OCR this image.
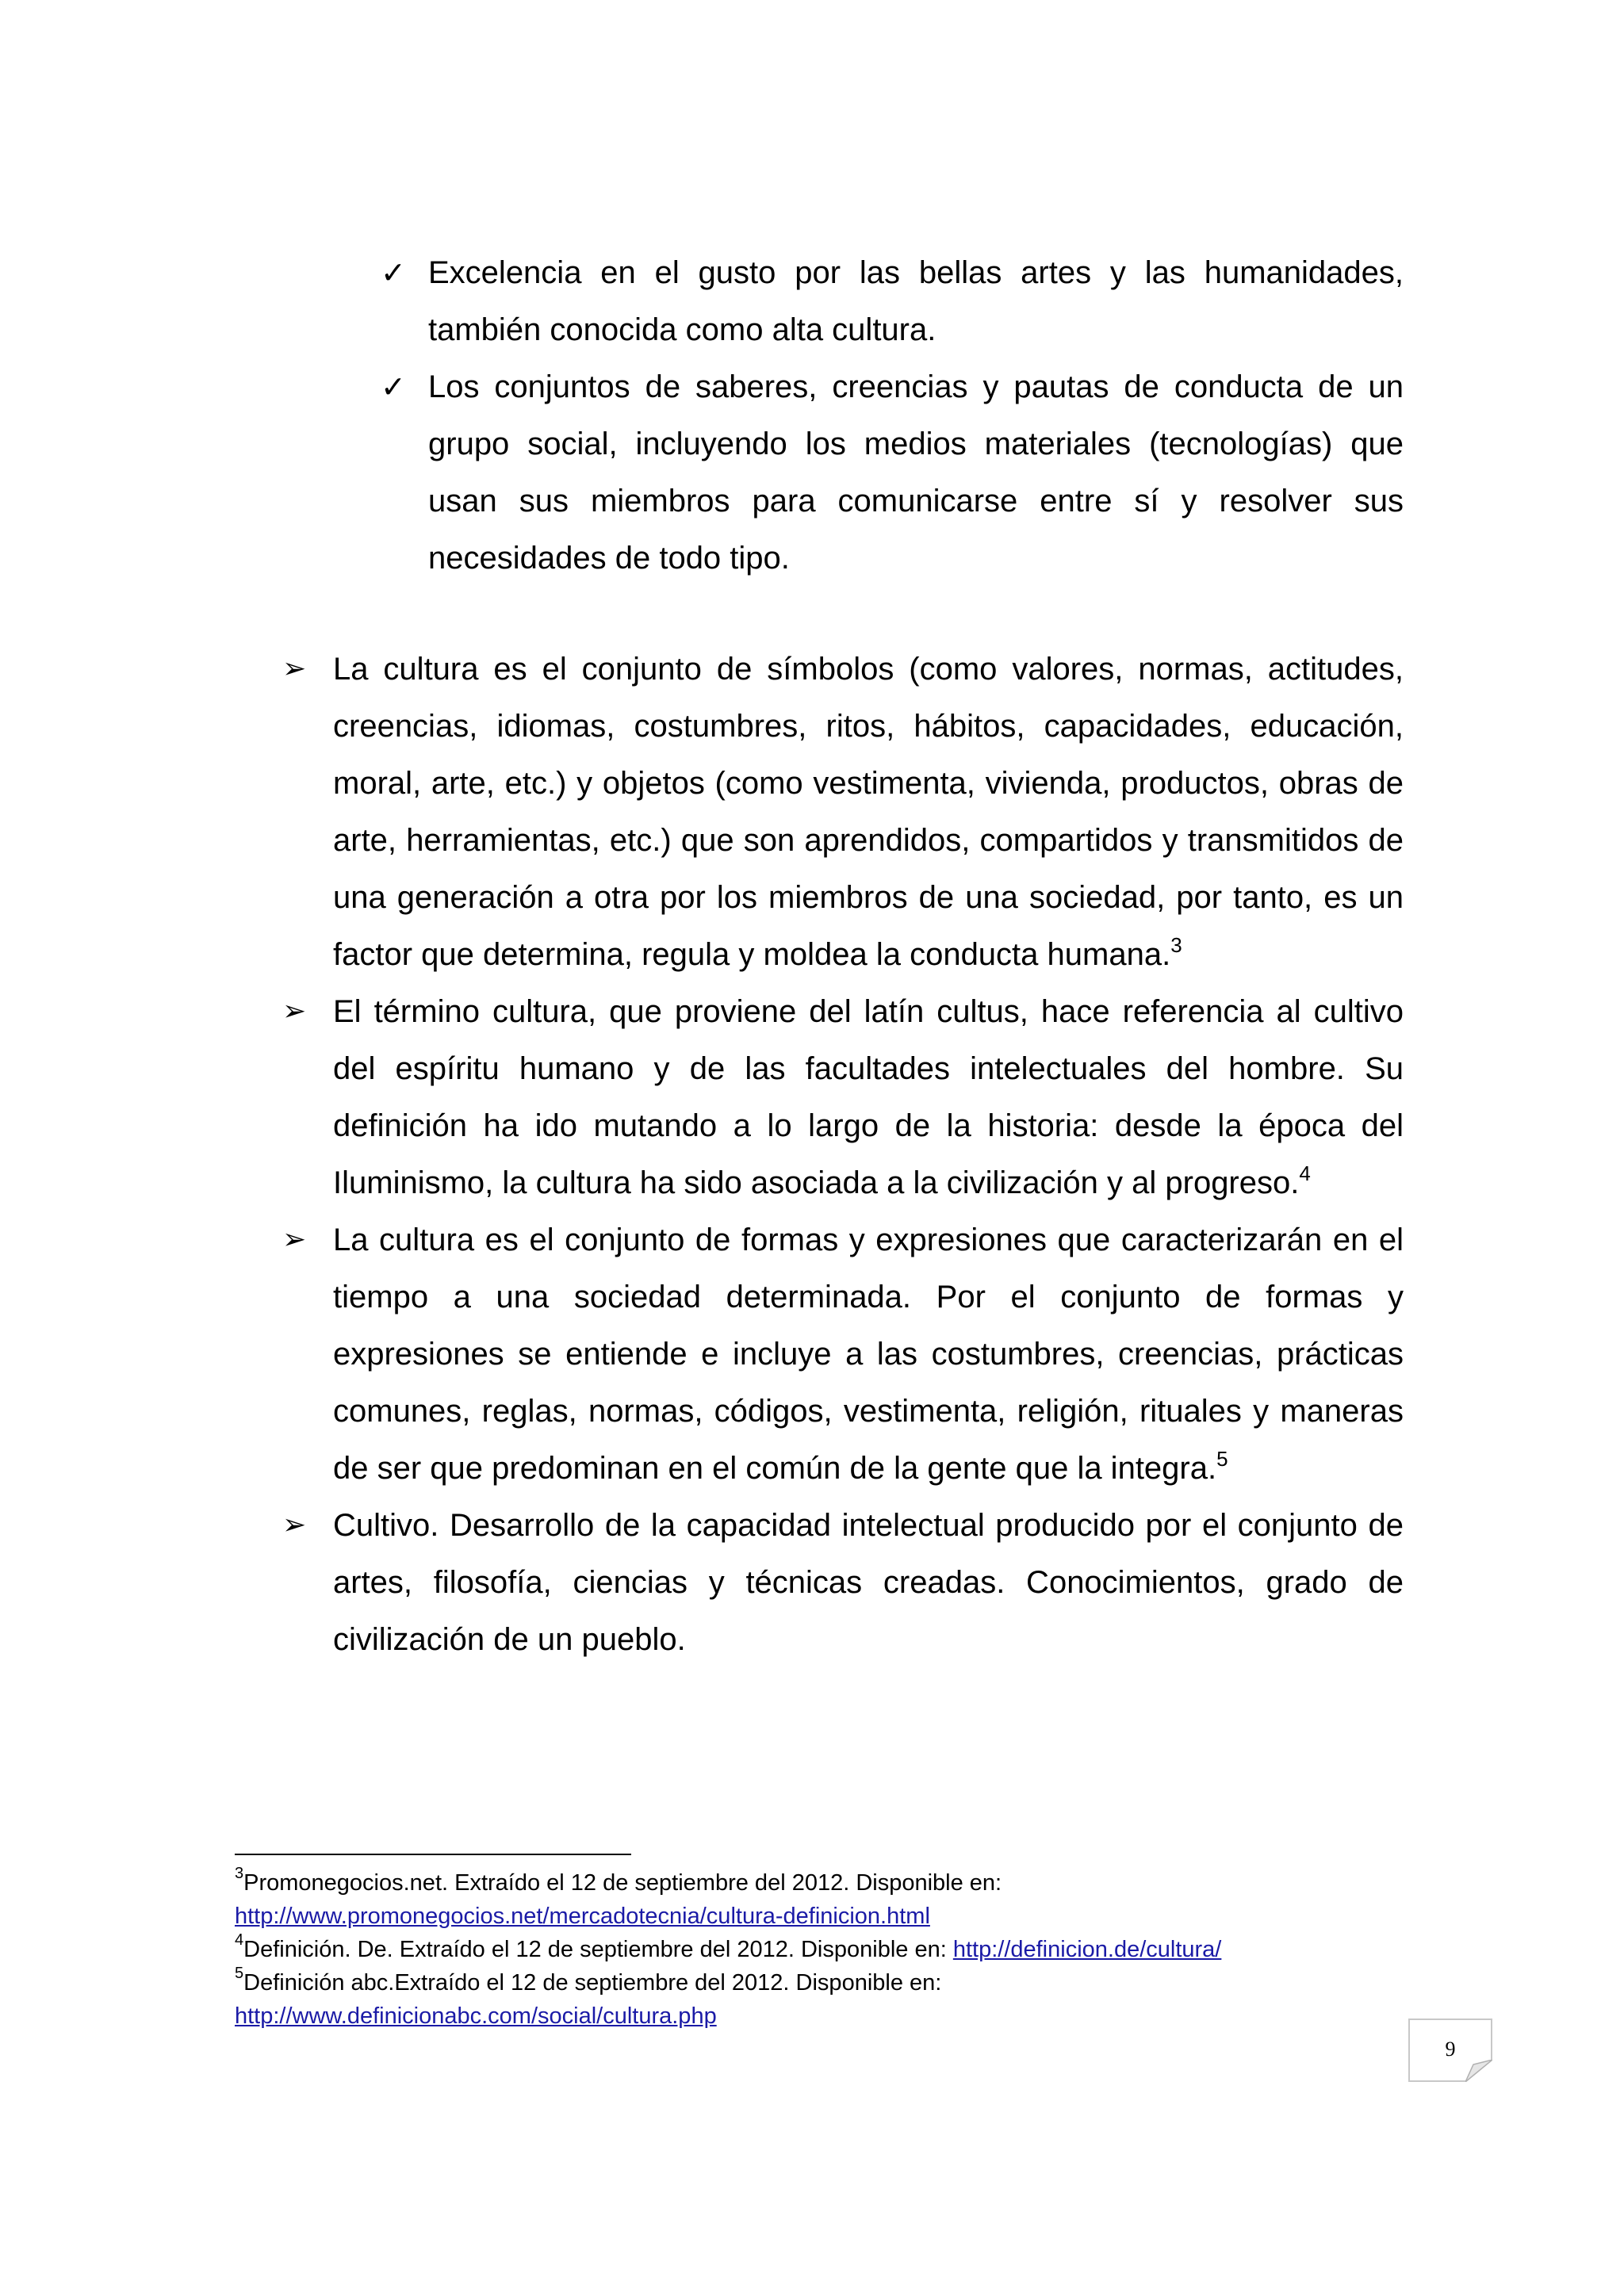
✓ Excelencia en el gusto por las bellas artes y las humanidades, también conocida como alta cultura.
✓ Los conjuntos de saberes, creencias y pautas de conducta de un grupo social, incluyendo los medios materiales (tecnologías) que usan sus miembros para comunicarse entre sí y resolver sus necesidades de todo tipo.
➢ La cultura es el conjunto de símbolos (como valores, normas, actitudes, creencias, idiomas, costumbres, ritos, hábitos, capacidades, educación, moral, arte, etc.) y objetos (como vestimenta, vivienda, productos, obras de arte, herramientas, etc.) que son aprendidos, compartidos y transmitidos de una generación a otra por los miembros de una sociedad, por tanto, es un factor que determina, regula y moldea la conducta humana.$^3$
➢ El término cultura, que proviene del latín cultus, hace referencia al cultivo del espíritu humano y de las facultades intelectuales del hombre. Su definición ha ido mutando a lo largo de la historia: desde la época del Iluminismo, la cultura ha sido asociada a la civilización y al progreso.$^4$
➢ La cultura es el conjunto de formas y expresiones que caracterizarán en el tiempo a una sociedad determinada. Por el conjunto de formas y expresiones se entiende e incluye a las costumbres, creencias, prácticas comunes, reglas, normas, códigos, vestimenta, religión, rituales y maneras de ser que predominan en el común de la gente que la integra.$^5$
➢ Cultivo. Desarrollo de la capacidad intelectual producido por el conjunto de artes, filosofía, ciencias y técnicas creadas. Conocimientos, grado de civilización de un pueblo.
$^3$Promonegocios.net. Extraído el 12 de septiembre del 2012. Disponible en:
http://www.promonegocios.net/mercadotecnia/cultura-definicion.html
$^4$Definición. De. Extraído el 12 de septiembre del 2012. Disponible en: http://definicion.de/cultura/
$^5$Definición abc.Extraído el 12 de septiembre del 2012. Disponible en:
http://www.definicionabc.com/social/cultura.php
9
